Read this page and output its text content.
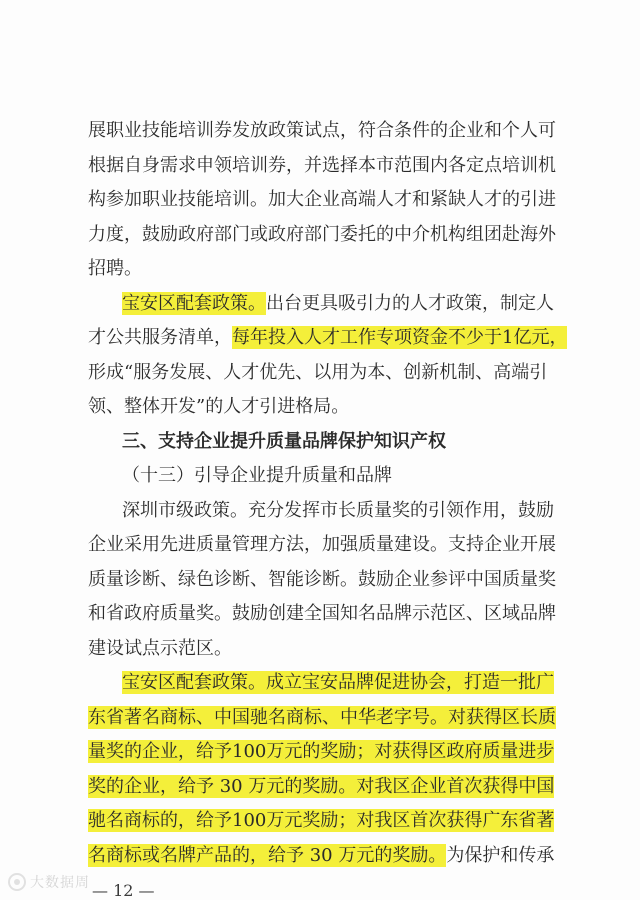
展职业技能培训券发放政策试点，符合条件的企业和个人可
根据自身需求申领培训券，并选择本市范围内各定点培训机
构参加职业技能培训。加大企业高端人才和紧缺人才的引进
力度，鼓励政府部门或政府部门委托的中介机构组团赴海外
招聘。
宝安区配套政策。出台更具吸引力的人才政策，制定人
才公共服务清单，每年投入人才工作专项资金不少于1亿元，
形成“服务发展、人才优先、以用为本、创新机制、高端引
领、整体开发”的人才引进格局。
三、支持企业提升质量品牌保护知识产权
（十三）引导企业提升质量和品牌
深圳市级政策。充分发挥市长质量奖的引领作用，鼓励
企业采用先进质量管理方法，加强质量建设。支持企业开展
质量诊断、绿色诊断、智能诊断。鼓励企业参评中国质量奖
和省政府质量奖。鼓励创建全国知名品牌示范区、区域品牌
建设试点示范区。
宝安区配套政策。成立宝安品牌促进协会，打造一批广
东省著名商标、中国驰名商标、中华老字号。对获得区长质
量奖的企业，给予100万元的奖励；对获得区政府质量进步
— 12 —
奖的企业，给予 30 万元的奖励。对我区企业首次获得中国
驰名商标的，给予100万元奖励；对我区首次获得广东省著
名商标或名牌产品的，给予 30 万元的奖励。为保护和传承
大数据周
